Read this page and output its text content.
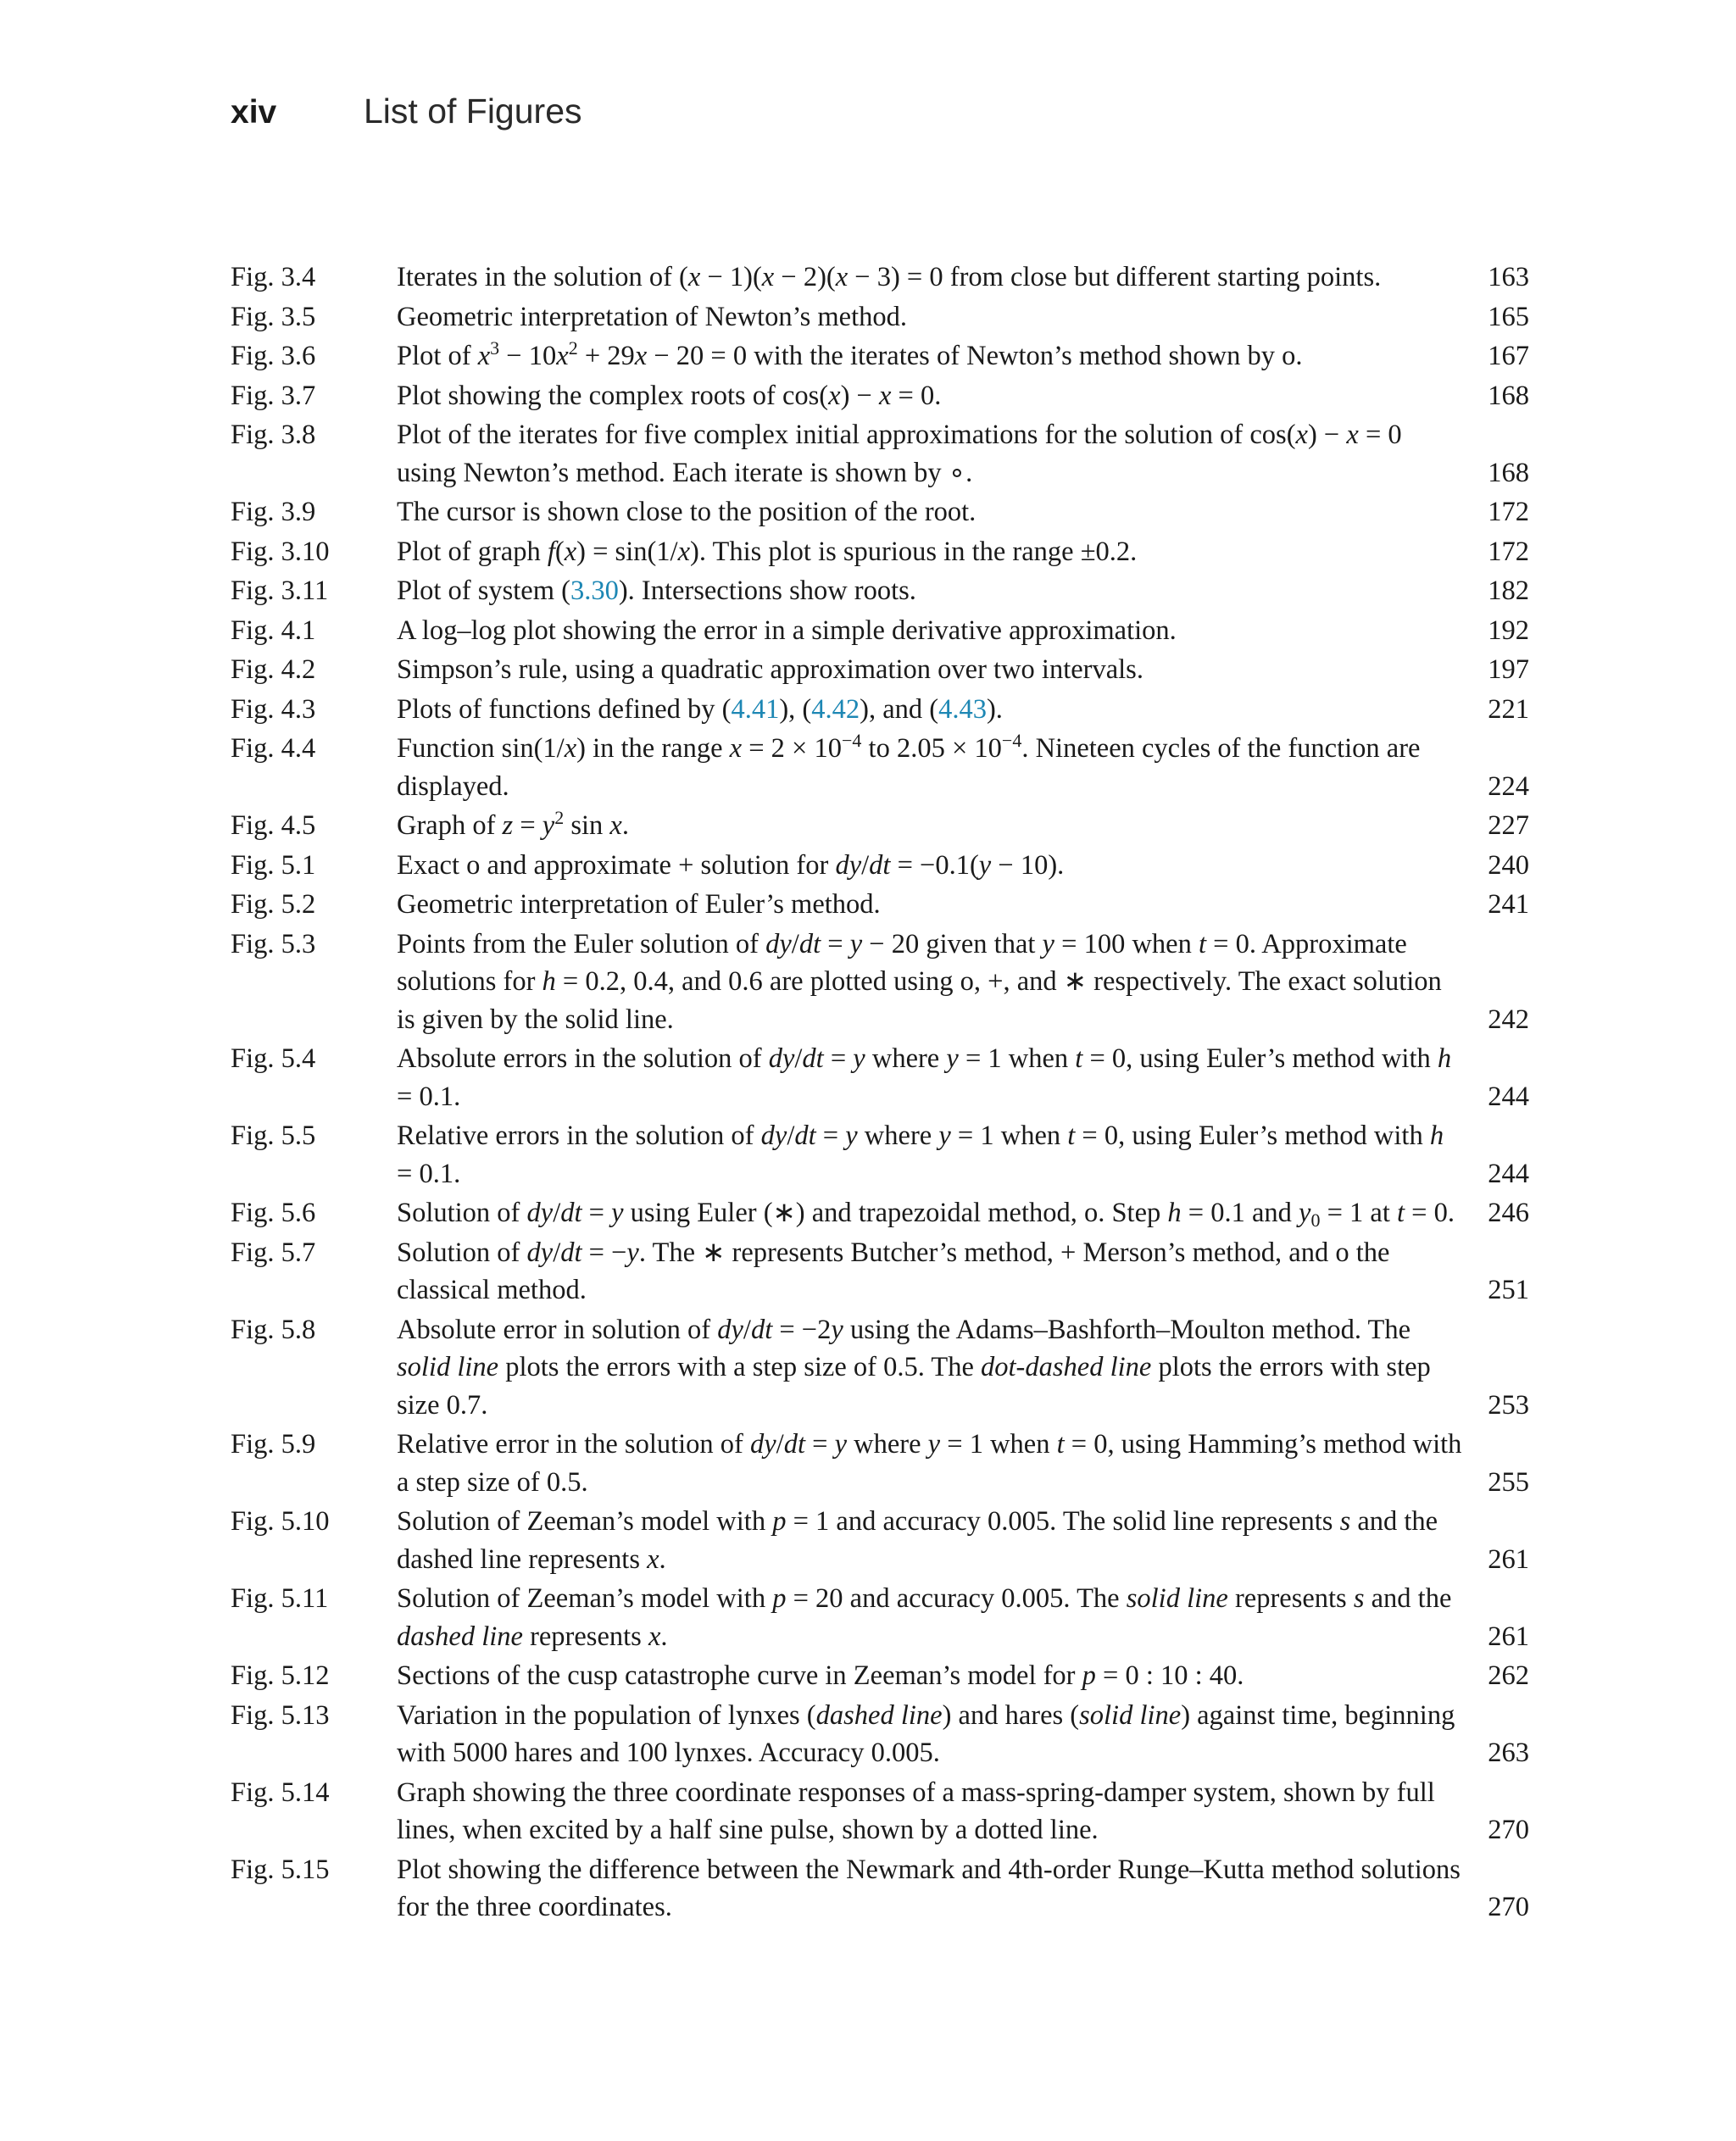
xiv	List of Figures
Fig. 3.4	Iterates in the solution of (x − 1)(x − 2)(x − 3) = 0 from close but different starting points.	163
Fig. 3.5	Geometric interpretation of Newton’s method.	165
Fig. 3.6	Plot of $x^3 - 10x^2 + 29x - 20 = 0$ with the iterates of Newton’s method shown by o.	167
Fig. 3.7	Plot showing the complex roots of cos(x) − x = 0.	168
Fig. 3.8	Plot of the iterates for five complex initial approximations for the solution of cos(x) − x = 0 using Newton’s method. Each iterate is shown by ∘.	168
Fig. 3.9	The cursor is shown close to the position of the root.	172
Fig. 3.10	Plot of graph f(x) = sin(1/x). This plot is spurious in the range ±0.2.	172
Fig. 3.11	Plot of system (3.30). Intersections show roots.	182
Fig. 4.1	A log–log plot showing the error in a simple derivative approximation.	192
Fig. 4.2	Simpson’s rule, using a quadratic approximation over two intervals.	197
Fig. 4.3	Plots of functions defined by (4.41), (4.42), and (4.43).	221
Fig. 4.4	Function sin(1/x) in the range $x = 2 \times 10^{-4}$ to $2.05 \times 10^{-4}$. Nineteen cycles of the function are displayed.	224
Fig. 4.5	Graph of $z = y^2$ sin x.	227
Fig. 5.1	Exact o and approximate + solution for dy/dt = −0.1(y − 10).	240
Fig. 5.2	Geometric interpretation of Euler’s method.	241
Fig. 5.3	Points from the Euler solution of dy/dt = y − 20 given that y = 100 when t = 0. Approximate solutions for h = 0.2, 0.4, and 0.6 are plotted using o, +, and ∗ respectively. The exact solution is given by the solid line.	242
Fig. 5.4	Absolute errors in the solution of dy/dt = y where y = 1 when t = 0, using Euler’s method with h = 0.1.	244
Fig. 5.5	Relative errors in the solution of dy/dt = y where y = 1 when t = 0, using Euler’s method with h = 0.1.	244
Fig. 5.6	Solution of dy/dt = y using Euler (∗) and trapezoidal method, o. Step h = 0.1 and $y_0 = 1$ at t = 0.	246
Fig. 5.7	Solution of dy/dt = −y. The ∗ represents Butcher’s method, + Merson’s method, and o the classical method.	251
Fig. 5.8	Absolute error in solution of dy/dt = −2y using the Adams–Bashforth–Moulton method. The solid line plots the errors with a step size of 0.5. The dot-dashed line plots the errors with step size 0.7.	253
Fig. 5.9	Relative error in the solution of dy/dt = y where y = 1 when t = 0, using Hamming’s method with a step size of 0.5.	255
Fig. 5.10	Solution of Zeeman’s model with p = 1 and accuracy 0.005. The solid line represents s and the dashed line represents x.	261
Fig. 5.11	Solution of Zeeman’s model with p = 20 and accuracy 0.005. The solid line represents s and the dashed line represents x.	261
Fig. 5.12	Sections of the cusp catastrophe curve in Zeeman’s model for p = 0 : 10 : 40.	262
Fig. 5.13	Variation in the population of lynxes (dashed line) and hares (solid line) against time, beginning with 5000 hares and 100 lynxes. Accuracy 0.005.	263
Fig. 5.14	Graph showing the three coordinate responses of a mass-spring-damper system, shown by full lines, when excited by a half sine pulse, shown by a dotted line.	270
Fig. 5.15	Plot showing the difference between the Newmark and 4th-order Runge–Kutta method solutions for the three coordinates.	270
